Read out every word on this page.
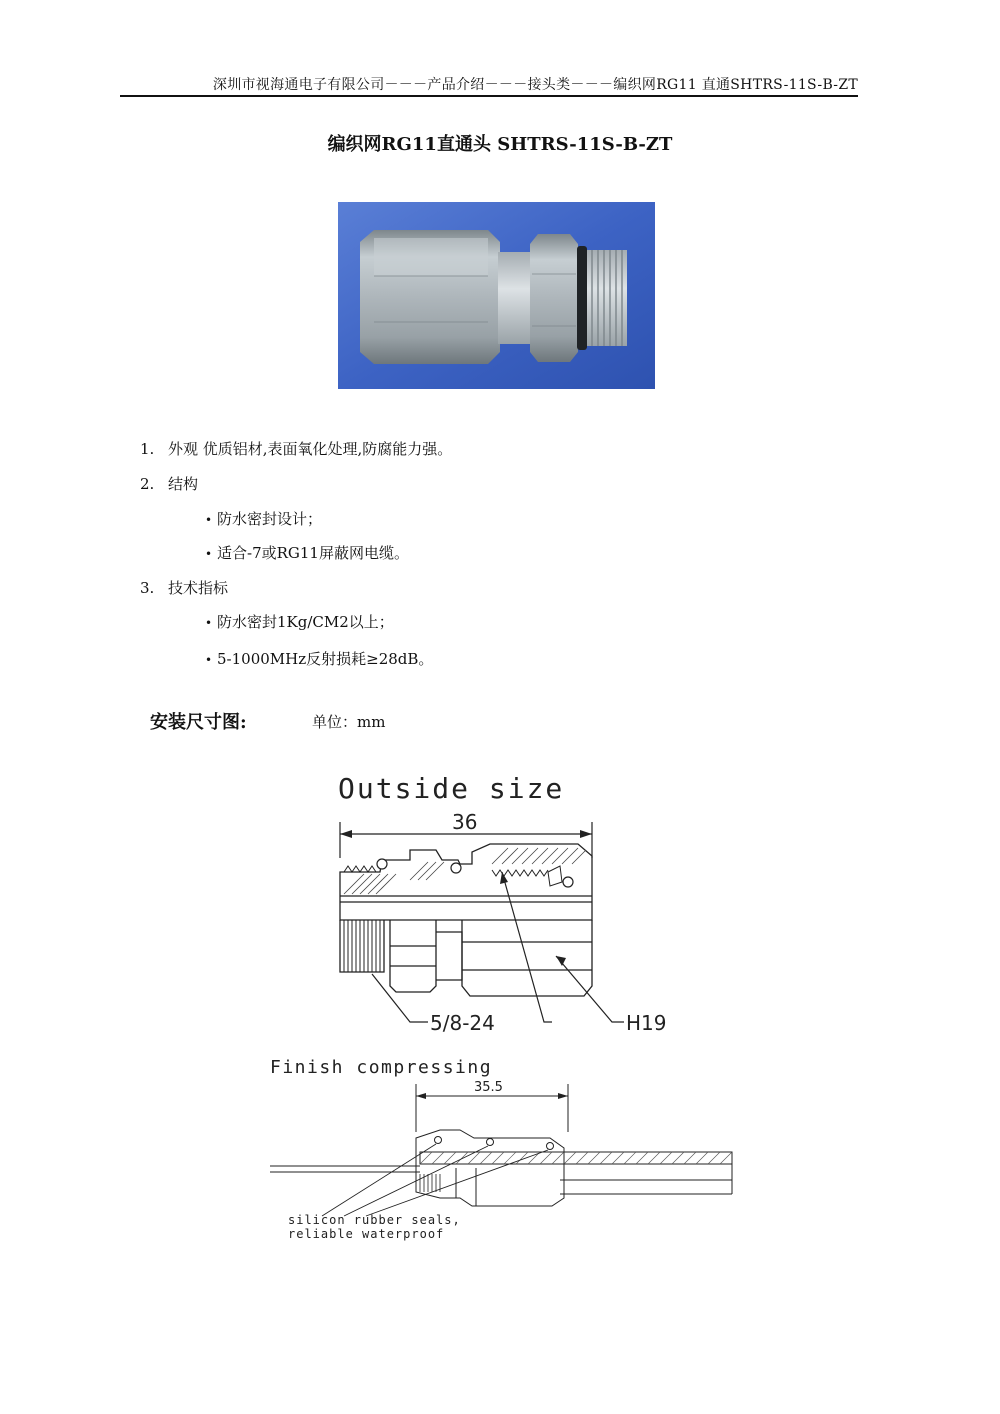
深圳市视海通电子有限公司－－－产品介绍－－－接头类－－－编织网RG11 直通SHTRS-11S-B-ZT
编织网RG11直通头 SHTRS-11S-B-ZT
1. 外观 优质铝材,表面氧化处理,防腐能力强。
2. 结构
• 防水密封设计；
• 适合-7或RG11屏蔽网电缆。
3. 技术指标
• 防水密封1Kg/CM2以上；
• 5-1000MHz反射损耗≥28dB。
安装尺寸图:	单位：mm
Outside size
36
5/8-24	H19
Finish compressing
35.5
silicon rubber seals,
reliable waterproof
